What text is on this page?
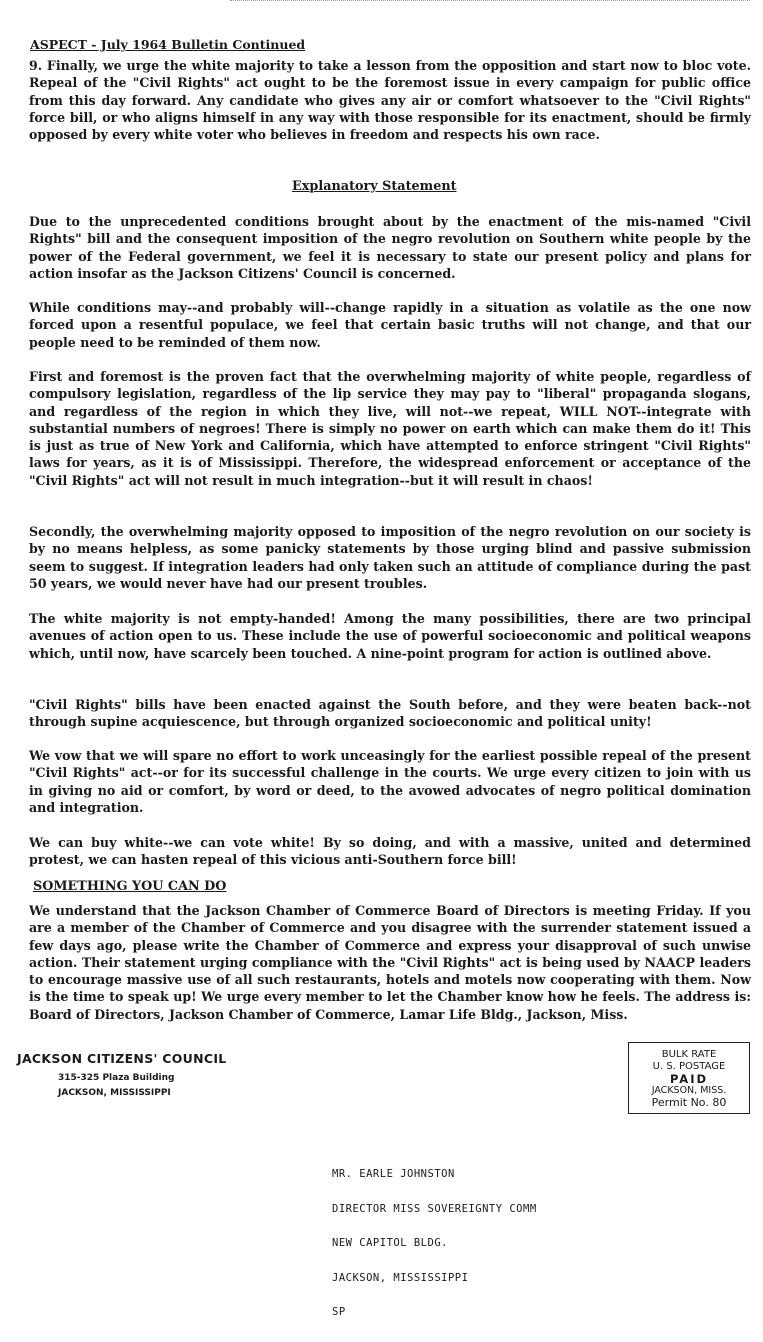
ASPECT - July 1964 Bulletin Continued

9. Finally, we urge the white majority to take a lesson from the opposition and start now to bloc vote. Repeal of the "Civil Rights" act ought to be the foremost issue in every campaign for public office from this day forward. Any candidate who gives any air or comfort whatsoever to the "Civil Rights" force bill, or who aligns himself in any way with those responsible for its enactment, should be firmly opposed by every white voter who believes in freedom and respects his own race.

Explanatory Statement

Due to the unprecedented conditions brought about by the enactment of the mis-named "Civil Rights" bill and the consequent imposition of the negro revolution on Southern white people by the power of the Federal government, we feel it is necessary to state our present policy and plans for action insofar as the Jackson Citizens' Council is concerned.

While conditions may--and probably will--change rapidly in a situation as volatile as the one now forced upon a resentful populace, we feel that certain basic truths will not change, and that our people need to be reminded of them now.

First and foremost is the proven fact that the overwhelming majority of white people, regardless of compulsory legislation, regardless of the lip service they may pay to "liberal" propaganda slogans, and regardless of the region in which they live, will not--we repeat, WILL NOT--integrate with substantial numbers of negroes! There is simply no power on earth which can make them do it! This is just as true of New York and California, which have attempted to enforce stringent "Civil Rights" laws for years, as it is of Mississippi. Therefore, the widespread enforcement or acceptance of the "Civil Rights" act will not result in much integration--but it will result in chaos!

Secondly, the overwhelming majority opposed to imposition of the negro revolution on our society is by no means helpless, as some panicky statements by those urging blind and passive submission seem to suggest. If integration leaders had only taken such an attitude of compliance during the past 50 years, we would never have had our present troubles.

The white majority is not empty-handed! Among the many possibilities, there are two principal avenues of action open to us. These include the use of powerful socioeconomic and political weapons which, until now, have scarcely been touched. A nine-point program for action is outlined above.

"Civil Rights" bills have been enacted against the South before, and they were beaten back--not through supine acquiescence, but through organized socioeconomic and political unity!

We vow that we will spare no effort to work unceasingly for the earliest possible repeal of the present "Civil Rights" act--or for its successful challenge in the courts. We urge every citizen to join with us in giving no aid or comfort, by word or deed, to the avowed advocates of negro political domination and integration.

We can buy white--we can vote white! By so doing, and with a massive, united and determined protest, we can hasten repeal of this vicious anti-Southern force bill!

SOMETHING YOU CAN DO

We understand that the Jackson Chamber of Commerce Board of Directors is meeting Friday. If you are a member of the Chamber of Commerce and you disagree with the surrender statement issued a few days ago, please write the Chamber of Commerce and express your disapproval of such unwise action. Their statement urging compliance with the "Civil Rights" act is being used by NAACP leaders to encourage massive use of all such restaurants, hotels and motels now cooperating with them. Now is the time to speak up! We urge every member to let the Chamber know how he feels. The address is: Board of Directors, Jackson Chamber of Commerce, Lamar Life Bldg., Jackson, Miss.

JACKSON CITIZENS' COUNCIL
315-325 Plaza Building
JACKSON, MISSISSIPPI
BULK RATE
U. S. POSTAGE
PAID
JACKSON, MISS.
Permit No. 80

MR. EARLE JOHNSTON

DIRECTOR MISS SOVEREIGNTY COMM

NEW CAPITOL BLDG.

JACKSON, MISSISSIPPI

SP
